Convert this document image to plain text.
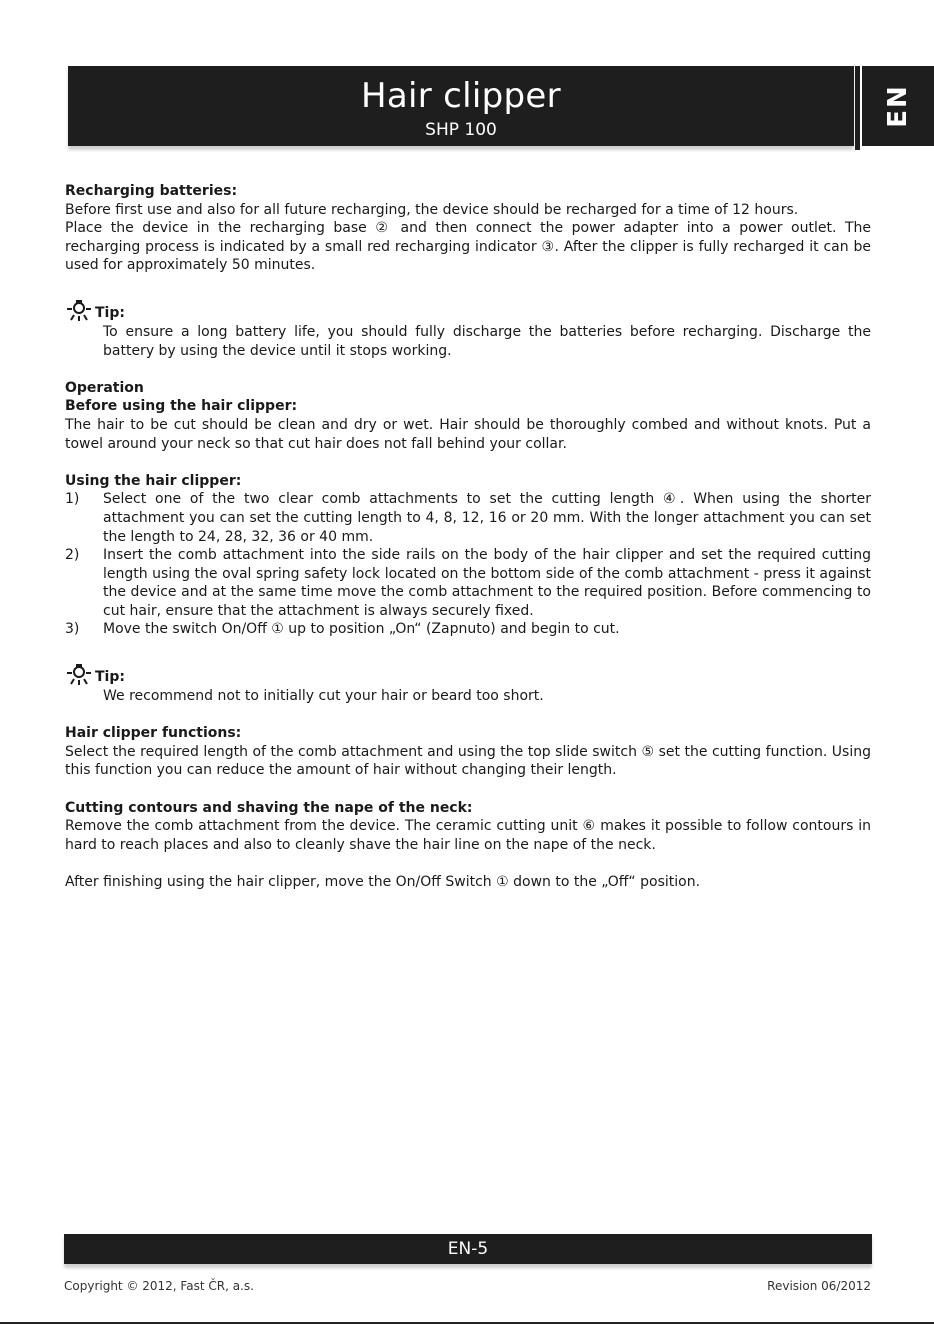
Hair clipper
SHP 100
EN
Recharging batteries:

Before first use and also for all future recharging, the device should be recharged for a time of 12 hours.

Place the device in the recharging base ② and then connect the power adapter into a power outlet. The recharging process is indicated by a small red recharging indicator ③. After the clipper is fully recharged it can be used for approximately 50 minutes.

Tip:

To ensure a long battery life, you should fully discharge the batteries before recharging. Discharge the battery by using the device until it stops working.

Operation
Before using the hair clipper:

The hair to be cut should be clean and dry or wet. Hair should be thoroughly combed and without knots. Put a towel around your neck so that cut hair does not fall behind your collar.

Using the hair clipper:
1)	Select one of the two clear comb attachments to set the cutting length ④. When using the shorter attachment you can set the cutting length to 4, 8, 12, 16 or 20 mm. With the longer attachment you can set the length to 24, 28, 32, 36 or 40 mm.
2)	Insert the comb attachment into the side rails on the body of the hair clipper and set the required cutting length using the oval spring safety lock located on the bottom side of the comb attachment - press it against the device and at the same time move the comb attachment to the required position. Before commencing to cut hair, ensure that the attachment is always securely fixed.
3)	Move the switch On/Off ① up to position „On“ (Zapnuto) and begin to cut.
Tip:

We recommend not to initially cut your hair or beard too short.

Hair clipper functions:

Select the required length of the comb attachment and using the top slide switch ⑤ set the cutting function. Using this function you can reduce the amount of hair without changing their length.

Cutting contours and shaving the nape of the neck:

Remove the comb attachment from the device. The ceramic cutting unit ⑥ makes it possible to follow contours in hard to reach places and also to cleanly shave the hair line on the nape of the neck.

After finishing using the hair clipper, move the On/Off Switch ① down to the „Off“ position.

EN-5
Copyright © 2012, Fast ČR, a.s.	Revision 06/2012
